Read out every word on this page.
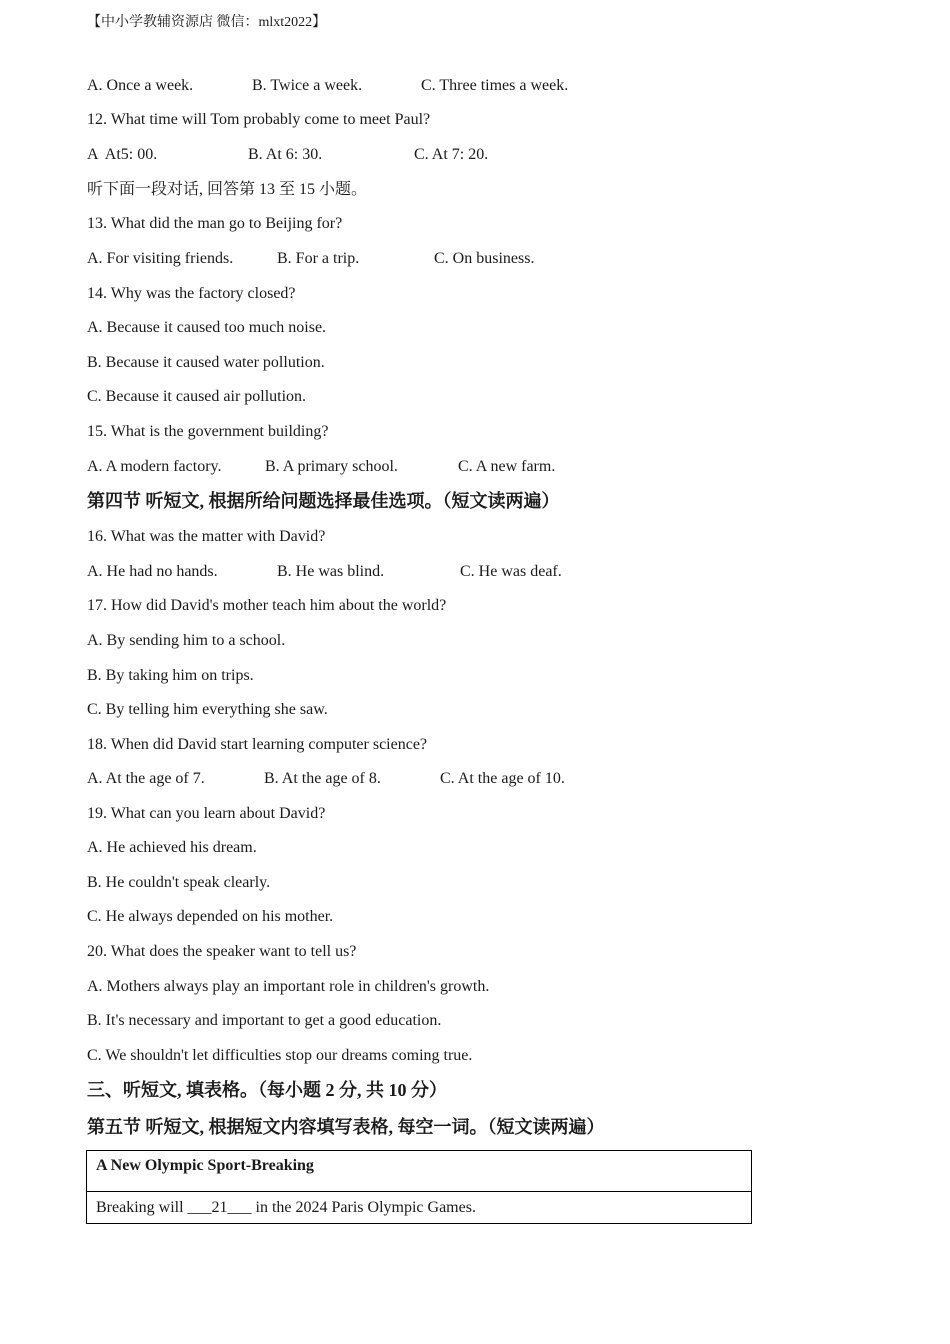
【中小学教辅资源店 微信：mlxt2022】

A. Once a week.

	B. Twice a week.

	C. Three times a week.

12. What time will Tom probably come to meet Paul?

A  At5: 00.

	B. At 6: 30.

	C. At 7: 20.

听下面一段对话, 回答第 13 至 15 小题。
13. What did the man go to Beijing for?

A. For visiting friends.

	B. For a trip.

	C. On business.

14. Why was the factory closed?
A. Because it caused too much noise.
B. Because it caused water pollution.
C. Because it caused air pollution.
15. What is the government building?

A. A modern factory.

	B. A primary school.

	C. A new farm.

第四节 听短文, 根据所给问题选择最佳选项。（短文读两遍）
16. What was the matter with David?

A. He had no hands.

	B. He was blind.

	C. He was deaf.

17. How did David's mother teach him about the world?
A. By sending him to a school.
B. By taking him on trips.
C. By telling him everything she saw.
18. When did David start learning computer science?

A. At the age of 7.

	B. At the age of 8.

	C. At the age of 10.

19. What can you learn about David?
A. He achieved his dream.
B. He couldn't speak clearly.
C. He always depended on his mother.
20. What does the speaker want to tell us?
A. Mothers always play an important role in children's growth.
B. It's necessary and important to get a good education.
C. We shouldn't let difficulties stop our dreams coming true.
三、听短文, 填表格。（每小题 2 分, 共 10 分）
第五节 听短文, 根据短文内容填写表格, 每空一词。（短文读两遍）
A New Olympic Sport-Breaking
Breaking will ___21___ in the 2024 Paris Olympic Games.
